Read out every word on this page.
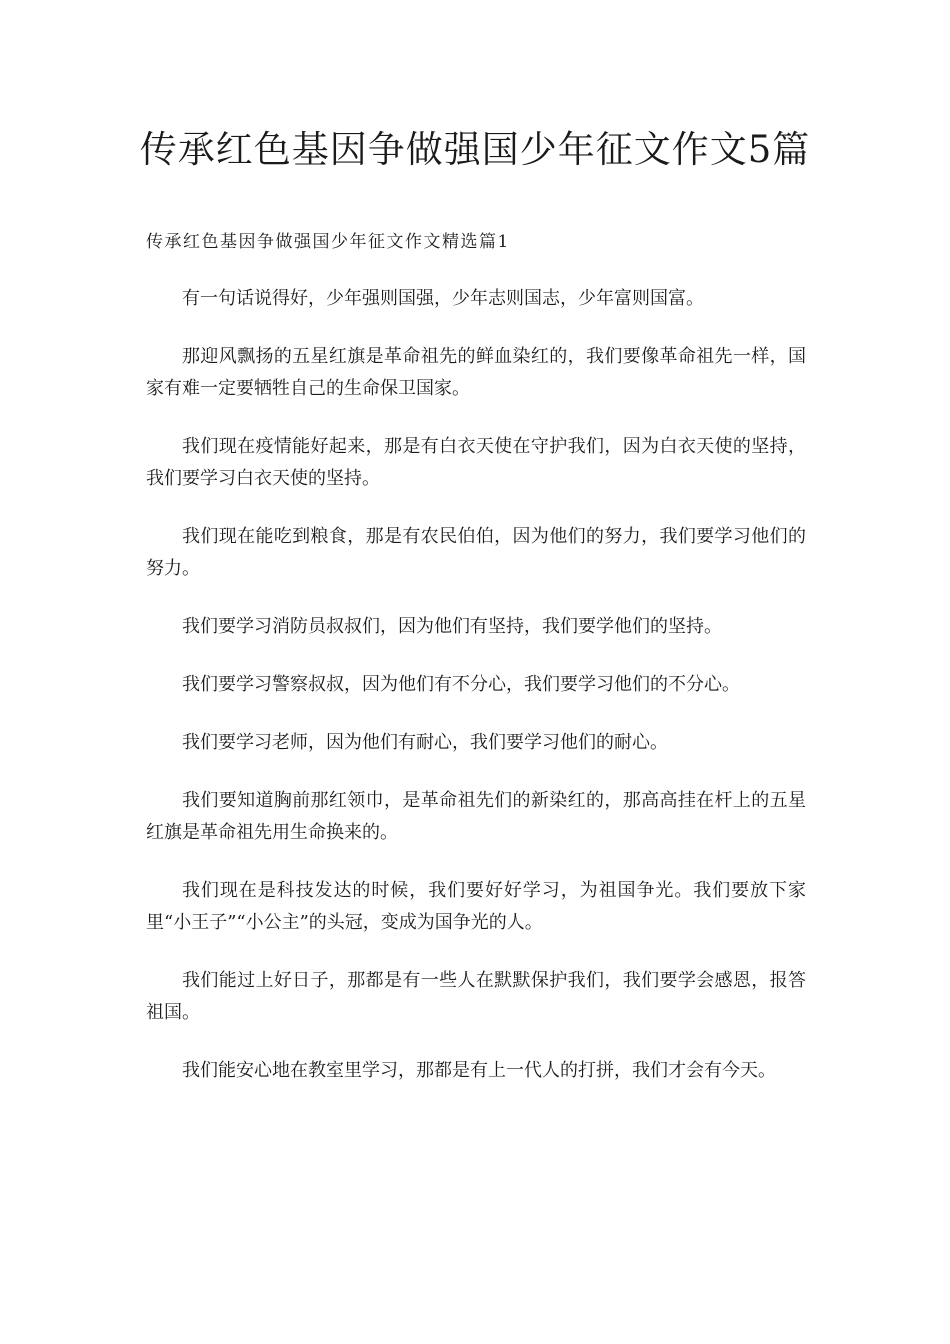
传承红色基因争做强国少年征文作文5篇
传承红色基因争做强国少年征文作文精选篇1

有一句话说得好，少年强则国强，少年志则国志，少年富则国富。

那迎风飘扬的五星红旗是革命祖先的鲜血染红的，我们要像革命祖先一样，国家有难一定要牺牲自己的生命保卫国家。

我们现在疫情能好起来，那是有白衣天使在守护我们，因为白衣天使的坚持，我们要学习白衣天使的坚持。

我们现在能吃到粮食，那是有农民伯伯，因为他们的努力，我们要学习他们的努力。

我们要学习消防员叔叔们，因为他们有坚持，我们要学他们的坚持。

我们要学习警察叔叔，因为他们有不分心，我们要学习他们的不分心。

我们要学习老师，因为他们有耐心，我们要学习他们的耐心。

我们要知道胸前那红领巾，是革命祖先们的新染红的，那高高挂在杆上的五星红旗是革命祖先用生命换来的。

我们现在是科技发达的时候，我们要好好学习，为祖国争光。我们要放下家里“小王子”“小公主”的头冠，变成为国争光的人。

我们能过上好日子，那都是有一些人在默默保护我们，我们要学会感恩，报答祖国。

我们能安心地在教室里学习，那都是有上一代人的打拼，我们才会有今天。
